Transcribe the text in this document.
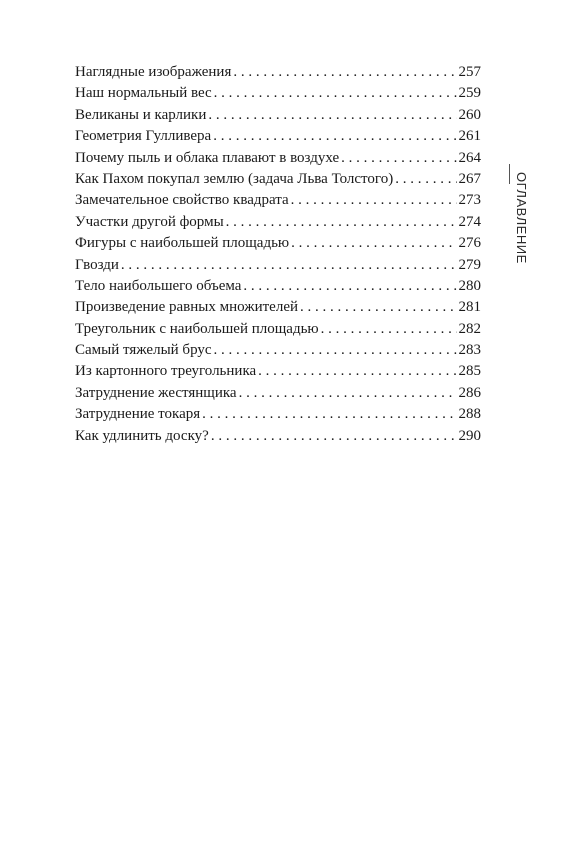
Наглядные изображения . . .	257
Наш нормальный вес . . .	259
Великаны и карлики . . .	260
Геометрия Гулливера . . .	261
Почему пыль и облака плавают в воздухе . . .	264
Как Пахом покупал землю (задача Льва Толстого) . . .	267
Замечательное свойство квадрата . . .	273
Участки другой формы . . .	274
Фигуры с наибольшей площадью . . .	276
Гвозди . . .	279
Тело наибольшего объема . . .	280
Произведение равных множителей . . .	281
Треугольник с наибольшей площадью . . .	282
Самый тяжелый брус . . .	283
Из картонного треугольника . . .	285
Затруднение жестянщика . . .	286
Затруднение токаря . . .	288
Как удлинить доску? . . .	290
ОГЛАВЛЕНИЕ
